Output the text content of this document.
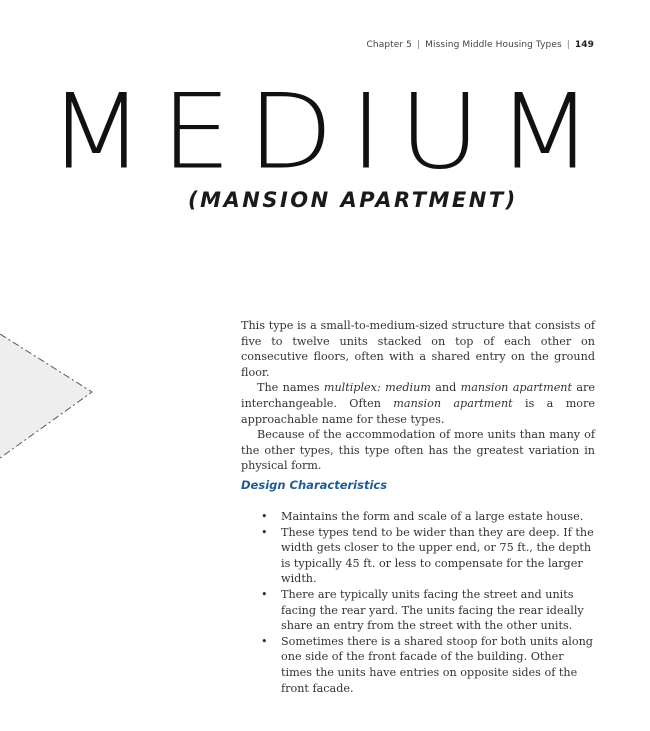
Chapter 5 | Missing Middle Housing Types | 149
MEDIUM
(MANSION APARTMENT)

This type is a small-to-medium-sized structure that consists of five to twelve units stacked on top of each other on consecutive floors, often with a shared entry on the ground floor.

The names multiplex: medium and mansion apartment are interchangeable. Often mansion apartment is a more approachable name for these types.

Because of the accommodation of more units than many of the other types, this type often has the greatest variation in physical form.

Design Characteristics
• Maintains the form and scale of a large estate house.
• These types tend to be wider than they are deep. If the width gets closer to the upper end, or 75 ft., the depth is typically 45 ft. or less to compensate for the larger width.
• There are typically units facing the street and units facing the rear yard. The units facing the rear ideally share an entry from the street with the other units.
• Sometimes there is a shared stoop for both units along one side of the front facade of the building. Other times the units have entries on opposite sides of the front facade.
